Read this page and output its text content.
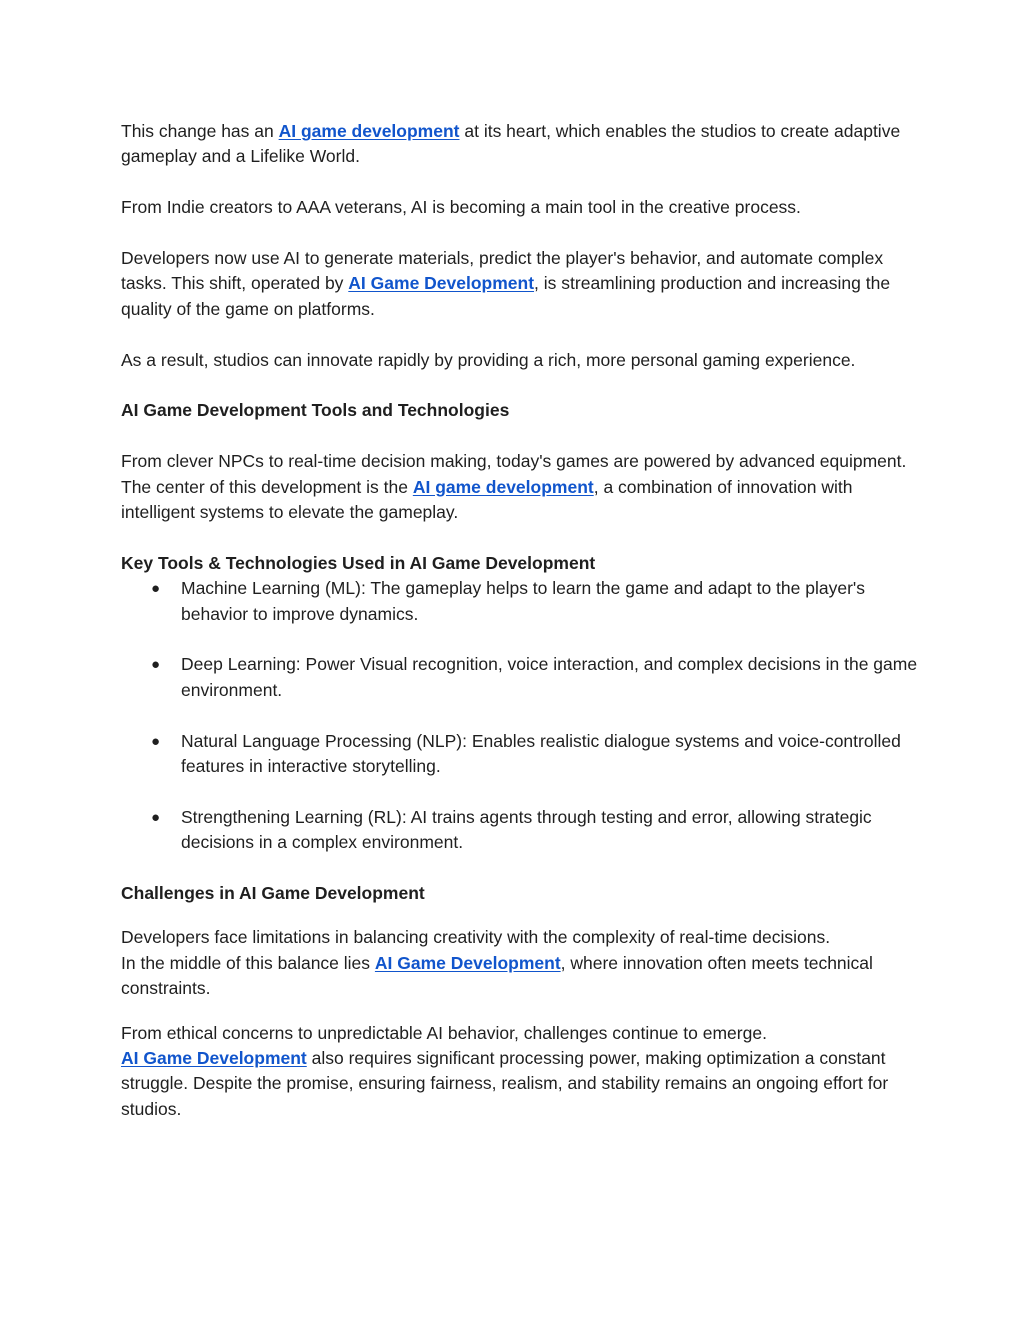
This change has an AI game development at its heart, which enables the studios to create adaptive gameplay and a Lifelike World.

From Indie creators to AAA veterans, AI is becoming a main tool in the creative process.

Developers now use AI to generate materials, predict the player's behavior, and automate complex tasks. This shift, operated by AI Game Development, is streamlining production and increasing the quality of the game on platforms.

As a result, studios can innovate rapidly by providing a rich, more personal gaming experience.

AI Game Development Tools and Technologies

From clever NPCs to real-time decision making, today's games are powered by advanced equipment.
The center of this development is the AI game development, a combination of innovation with intelligent systems to elevate the gameplay.

Key Tools & Technologies Used in AI Game Development
● Machine Learning (ML): The gameplay helps to learn the game and adapt to the player's behavior to improve dynamics.
● Deep Learning: Power Visual recognition, voice interaction, and complex decisions in the game environment.
● Natural Language Processing (NLP): Enables realistic dialogue systems and voice-controlled features in interactive storytelling.
● Strengthening Learning (RL): AI trains agents through testing and error, allowing strategic decisions in a complex environment.
Challenges in AI Game Development

Developers face limitations in balancing creativity with the complexity of real-time decisions.
In the middle of this balance lies AI Game Development, where innovation often meets technical constraints.

From ethical concerns to unpredictable AI behavior, challenges continue to emerge.
AI Game Development also requires significant processing power, making optimization a constant struggle. Despite the promise, ensuring fairness, realism, and stability remains an ongoing effort for studios.
